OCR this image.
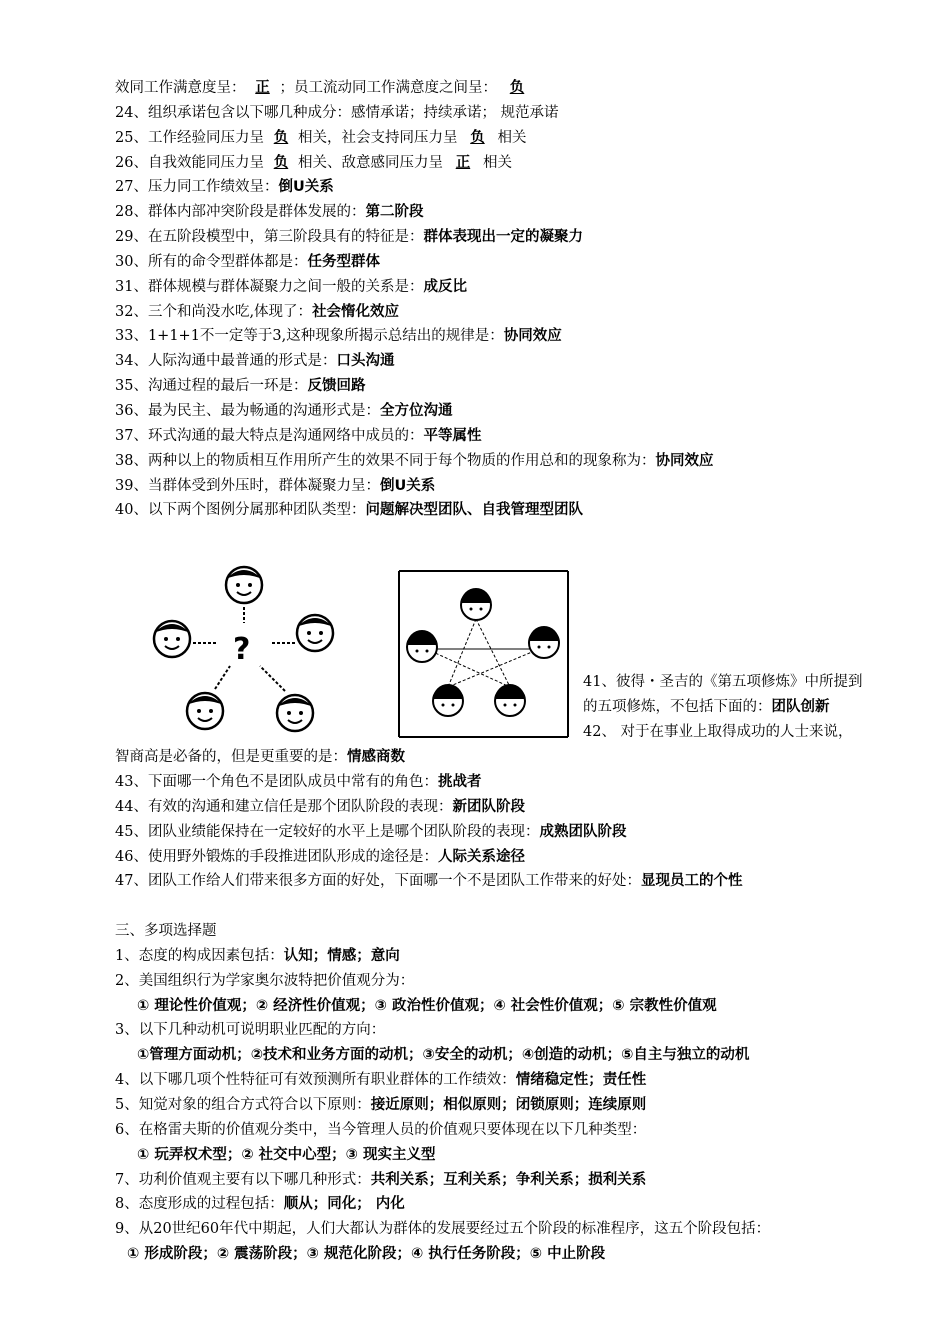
效同工作满意度呈： 正 ；员工流动同工作满意度之间呈： 负
24、组织承诺包含以下哪几种成分：感情承诺；持续承诺； 规范承诺
25、工作经验同压力呈 负 相关，社会支持同压力呈 负 相关
26、自我效能同压力呈 负 相关、敌意感同压力呈 正 相关
27、压力同工作绩效呈：倒U关系
28、群体内部冲突阶段是群体发展的：第二阶段
29、在五阶段模型中，第三阶段具有的特征是：群体表现出一定的凝聚力
30、所有的命令型群体都是：任务型群体
31、群体规模与群体凝聚力之间一般的关系是：成反比
32、三个和尚没水吃,体现了：社会惰化效应
33、1+1+1不一定等于3,这种现象所揭示总结出的规律是：协同效应
34、人际沟通中最普通的形式是：口头沟通
35、沟通过程的最后一环是：反馈回路
36、最为民主、最为畅通的沟通形式是：全方位沟通
37、环式沟通的最大特点是沟通网络中成员的：平等属性
38、两种以上的物质相互作用所产生的效果不同于每个物质的作用总和的现象称为：协同效应
39、当群体受到外压时，群体凝聚力呈：倒U关系
40、以下两个图例分属那种团队类型：问题解决型团队、自我管理型团队
?
41、彼得・圣吉的《第五项修炼》中所提到
的五项修炼，不包括下面的：团队创新
42、 对于在事业上取得成功的人士来说，
智商高是必备的，但是更重要的是：情感商数
43、下面哪一个角色不是团队成员中常有的角色：挑战者
44、有效的沟通和建立信任是那个团队阶段的表现：新团队阶段
45、团队业绩能保持在一定较好的水平上是哪个团队阶段的表现：成熟团队阶段
46、使用野外锻炼的手段推进团队形成的途径是：人际关系途径
47、团队工作给人们带来很多方面的好处，下面哪一个不是团队工作带来的好处：显现员工的个性
三、多项选择题
1、态度的构成因素包括：认知；情感；意向
2、美国组织行为学家奥尔波特把价值观分为：
① 理论性价值观；② 经济性价值观；③ 政治性价值观；④ 社会性价值观；⑤ 宗教性价值观
3、以下几种动机可说明职业匹配的方向：
①管理方面动机；②技术和业务方面的动机；③安全的动机；④创造的动机；⑤自主与独立的动机
4、以下哪几项个性特征可有效预测所有职业群体的工作绩效：情绪稳定性；责任性
5、知觉对象的组合方式符合以下原则：接近原则；相似原则；闭锁原则；连续原则
6、在格雷夫斯的价值观分类中，当今管理人员的价值观只要体现在以下几种类型：
① 玩弄权术型；② 社交中心型；③ 现实主义型
7、功利价值观主要有以下哪几种形式：共利关系；互利关系；争利关系；损利关系
8、态度形成的过程包括：顺从；同化； 内化
9、从20世纪60年代中期起，人们大都认为群体的发展要经过五个阶段的标准程序，这五个阶段包括：
① 形成阶段；② 震荡阶段；③ 规范化阶段；④ 执行任务阶段；⑤ 中止阶段
